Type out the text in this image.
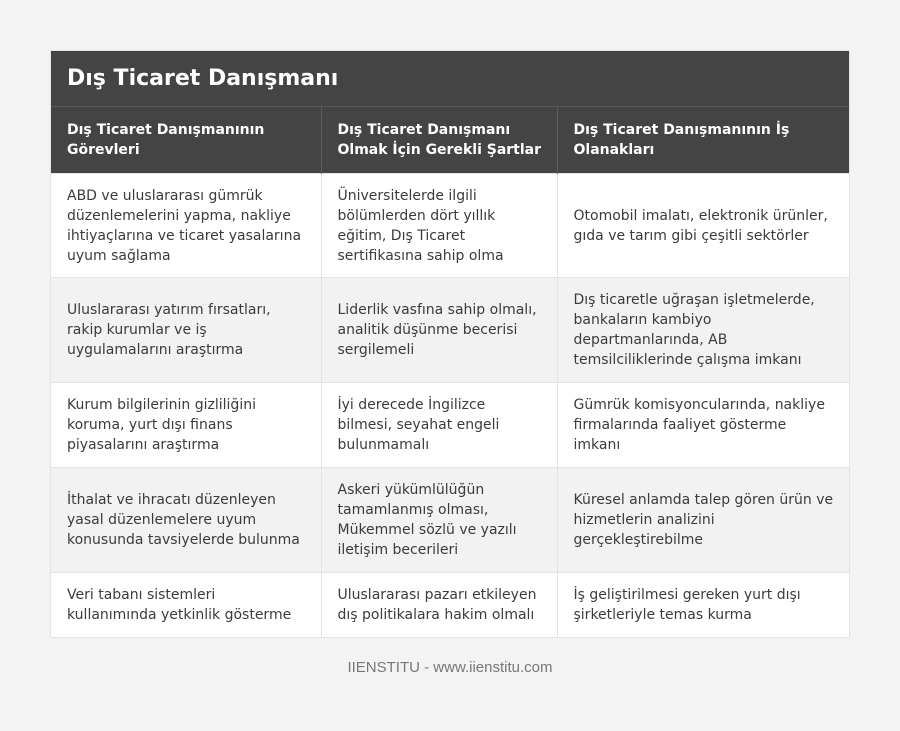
Dış Ticaret Danışmanı
Dış Ticaret Danışmanının Görevleri	Dış Ticaret Danışmanı Olmak İçin Gerekli Şartlar	Dış Ticaret Danışmanının İş Olanakları
ABD ve uluslararası gümrük düzenlemelerini yapma, nakliye ihtiyaçlarına ve ticaret yasalarına uyum sağlama	Üniversitelerde ilgili bölümlerden dört yıllık eğitim, Dış Ticaret sertifikasına sahip olma	Otomobil imalatı, elektronik ürünler, gıda ve tarım gibi çeşitli sektörler
Uluslararası yatırım fırsatları, rakip kurumlar ve iş uygulamalarını araştırma	Liderlik vasfına sahip olmalı, analitik düşünme becerisi sergilemeli	Dış ticaretle uğraşan işletmelerde, bankaların kambiyo departmanlarında, AB temsilciliklerinde çalışma imkanı
Kurum bilgilerinin gizliliğini koruma, yurt dışı finans piyasalarını araştırma	İyi derecede İngilizce bilmesi, seyahat engeli bulunmamalı	Gümrük komisyoncularında, nakliye firmalarında faaliyet gösterme imkanı
İthalat ve ihracatı düzenleyen yasal düzenlemelere uyum konusunda tavsiyelerde bulunma	Askeri yükümlülüğün tamamlanmış olması, Mükemmel sözlü ve yazılı iletişim becerileri	Küresel anlamda talep gören ürün ve hizmetlerin analizini gerçekleştirebilme
Veri tabanı sistemleri kullanımında yetkinlik gösterme	Uluslararası pazarı etkileyen dış politikalara hakim olmalı	İş geliştirilmesi gereken yurt dışı şirketleriyle temas kurma
IIENSTITU - www.iienstitu.com
